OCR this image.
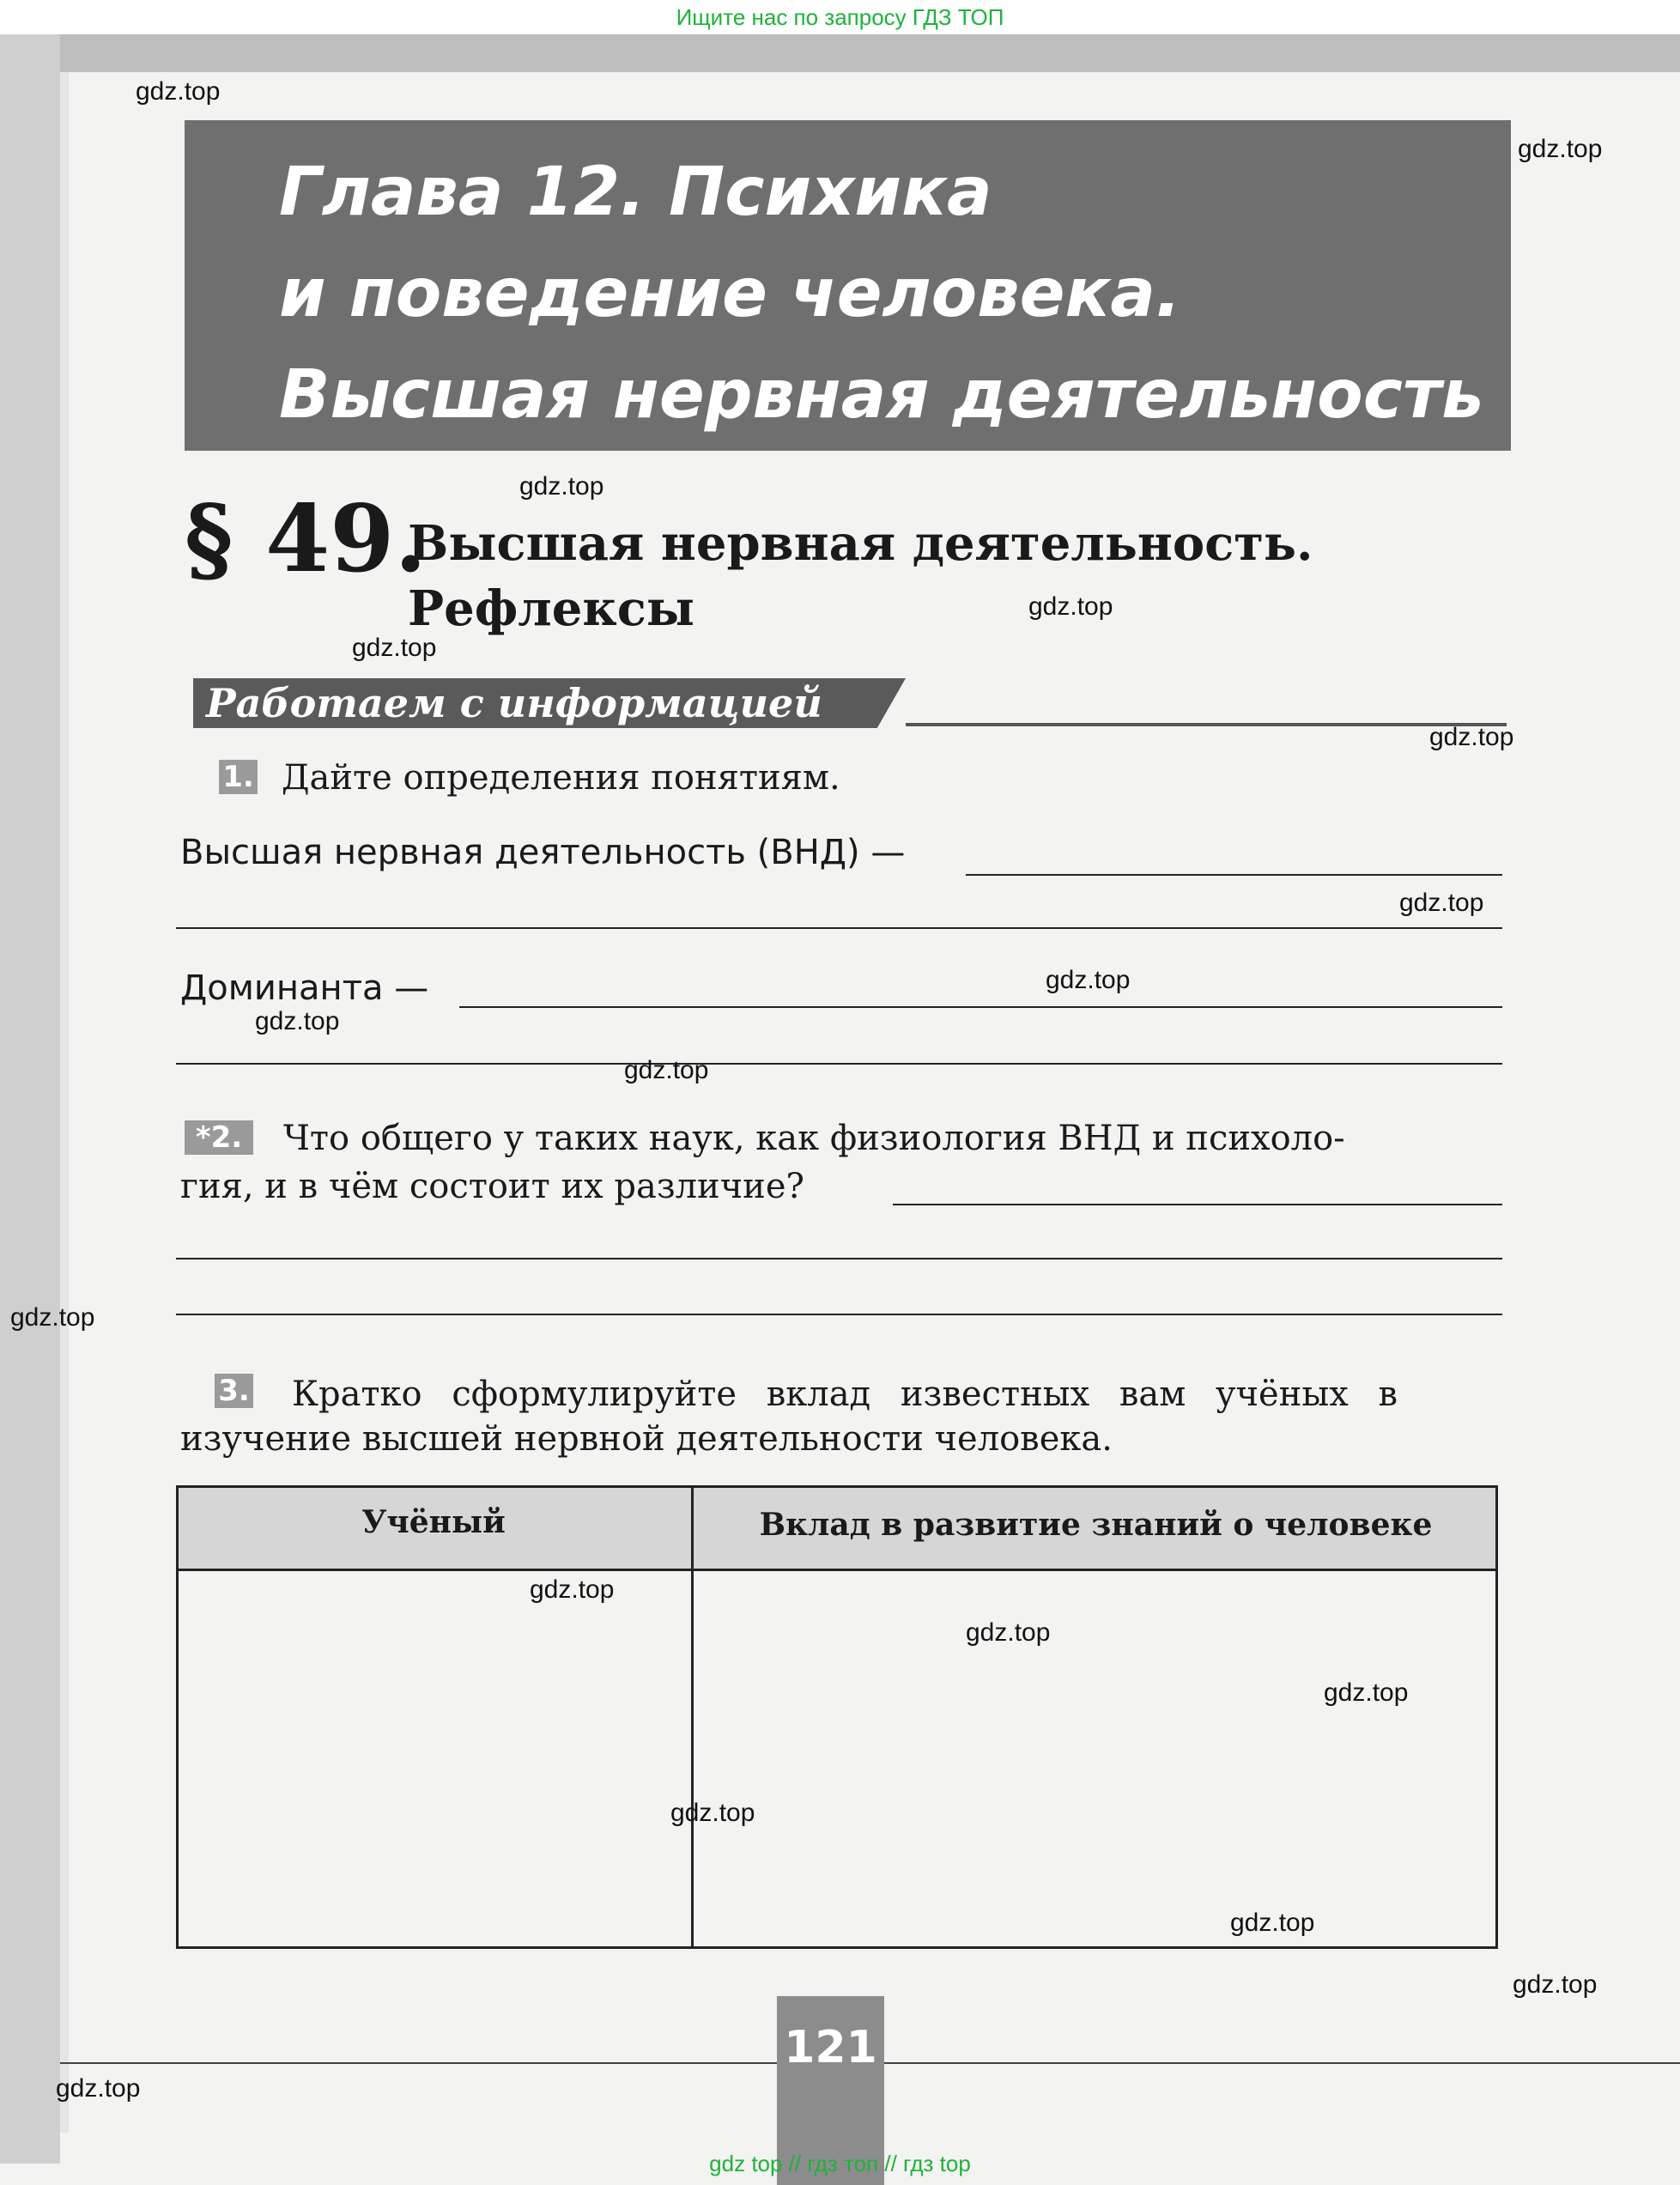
Ищите нас по запросу ГДЗ ТОП
Глава 12. Психика
и поведение человека.
Высшая нервная деятельность
§ 49.
Высшая нервная деятельность.
Рефлексы
Работаем с информацией
1. Дайте определения понятиям.
Высшая нервная деятельность (ВНД) —
Доминанта —
*2.	Что общего у таких наук, как физиология ВНД и психоло-
гия, и в чём состоит их различие?
3. Кратко сформулируйте вклад известных вам учёных в
изучение высшей нервной деятельности человека.
Учёный	Вклад в развитие знаний о человеке
121
gdz.top
gdz.top
gdz.top
gdz.top
gdz.top
gdz.top
gdz.top
gdz.top
gdz.top
gdz.top
gdz.top
gdz.top
gdz.top
gdz.top
gdz.top
gdz.top
gdz.top
gdz.top
gdz top // гдз топ // гдз top
